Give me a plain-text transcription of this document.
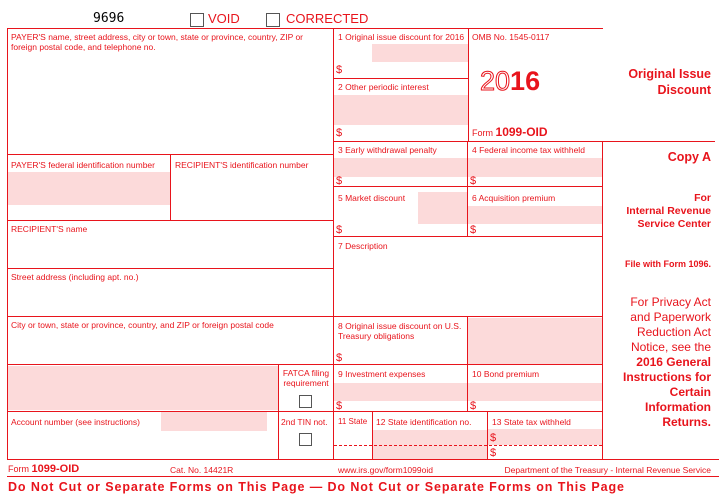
9696	VOID	CORRECTED
PAYER'S name, street address, city or town, state or province, country, ZIP or foreign postal code, and telephone no.
PAYER'S federal identification number RECIPIENT'S identification number
RECIPIENT'S name
Street address (including apt. no.)
City or town, state or province, country, and ZIP or foreign postal code
Account number (see instructions)
FATCA filing requirement
2nd TIN not.
1 Original issue discount for 2016
$
2 Other periodic interest
$
3 Early withdrawal penalty
$
4 Federal income tax withheld
$
5 Market discount
$
6 Acquisition premium
$
7 Description
8 Original issue discount on U.S. Treasury obligations
$
9 Investment expenses
$
10 Bond premium
$
11 State 12 State identification no. 13 State tax withheld
$
$
OMB No. 1545-0117
2016
Form 1099-OID
Original Issue
Discount
Copy A
For
Internal Revenue
Service Center
File with Form 1096.
For Privacy Act
and Paperwork
Reduction Act
Notice, see the
2016 General
Instructions for
Certain
Information
Returns.
Form 1099-OID	Cat. No. 14421R	www.irs.gov/form1099oid	Department of the Treasury - Internal Revenue Service
Do Not Cut or Separate Forms on This Page — Do Not Cut or Separate Forms on This Page
